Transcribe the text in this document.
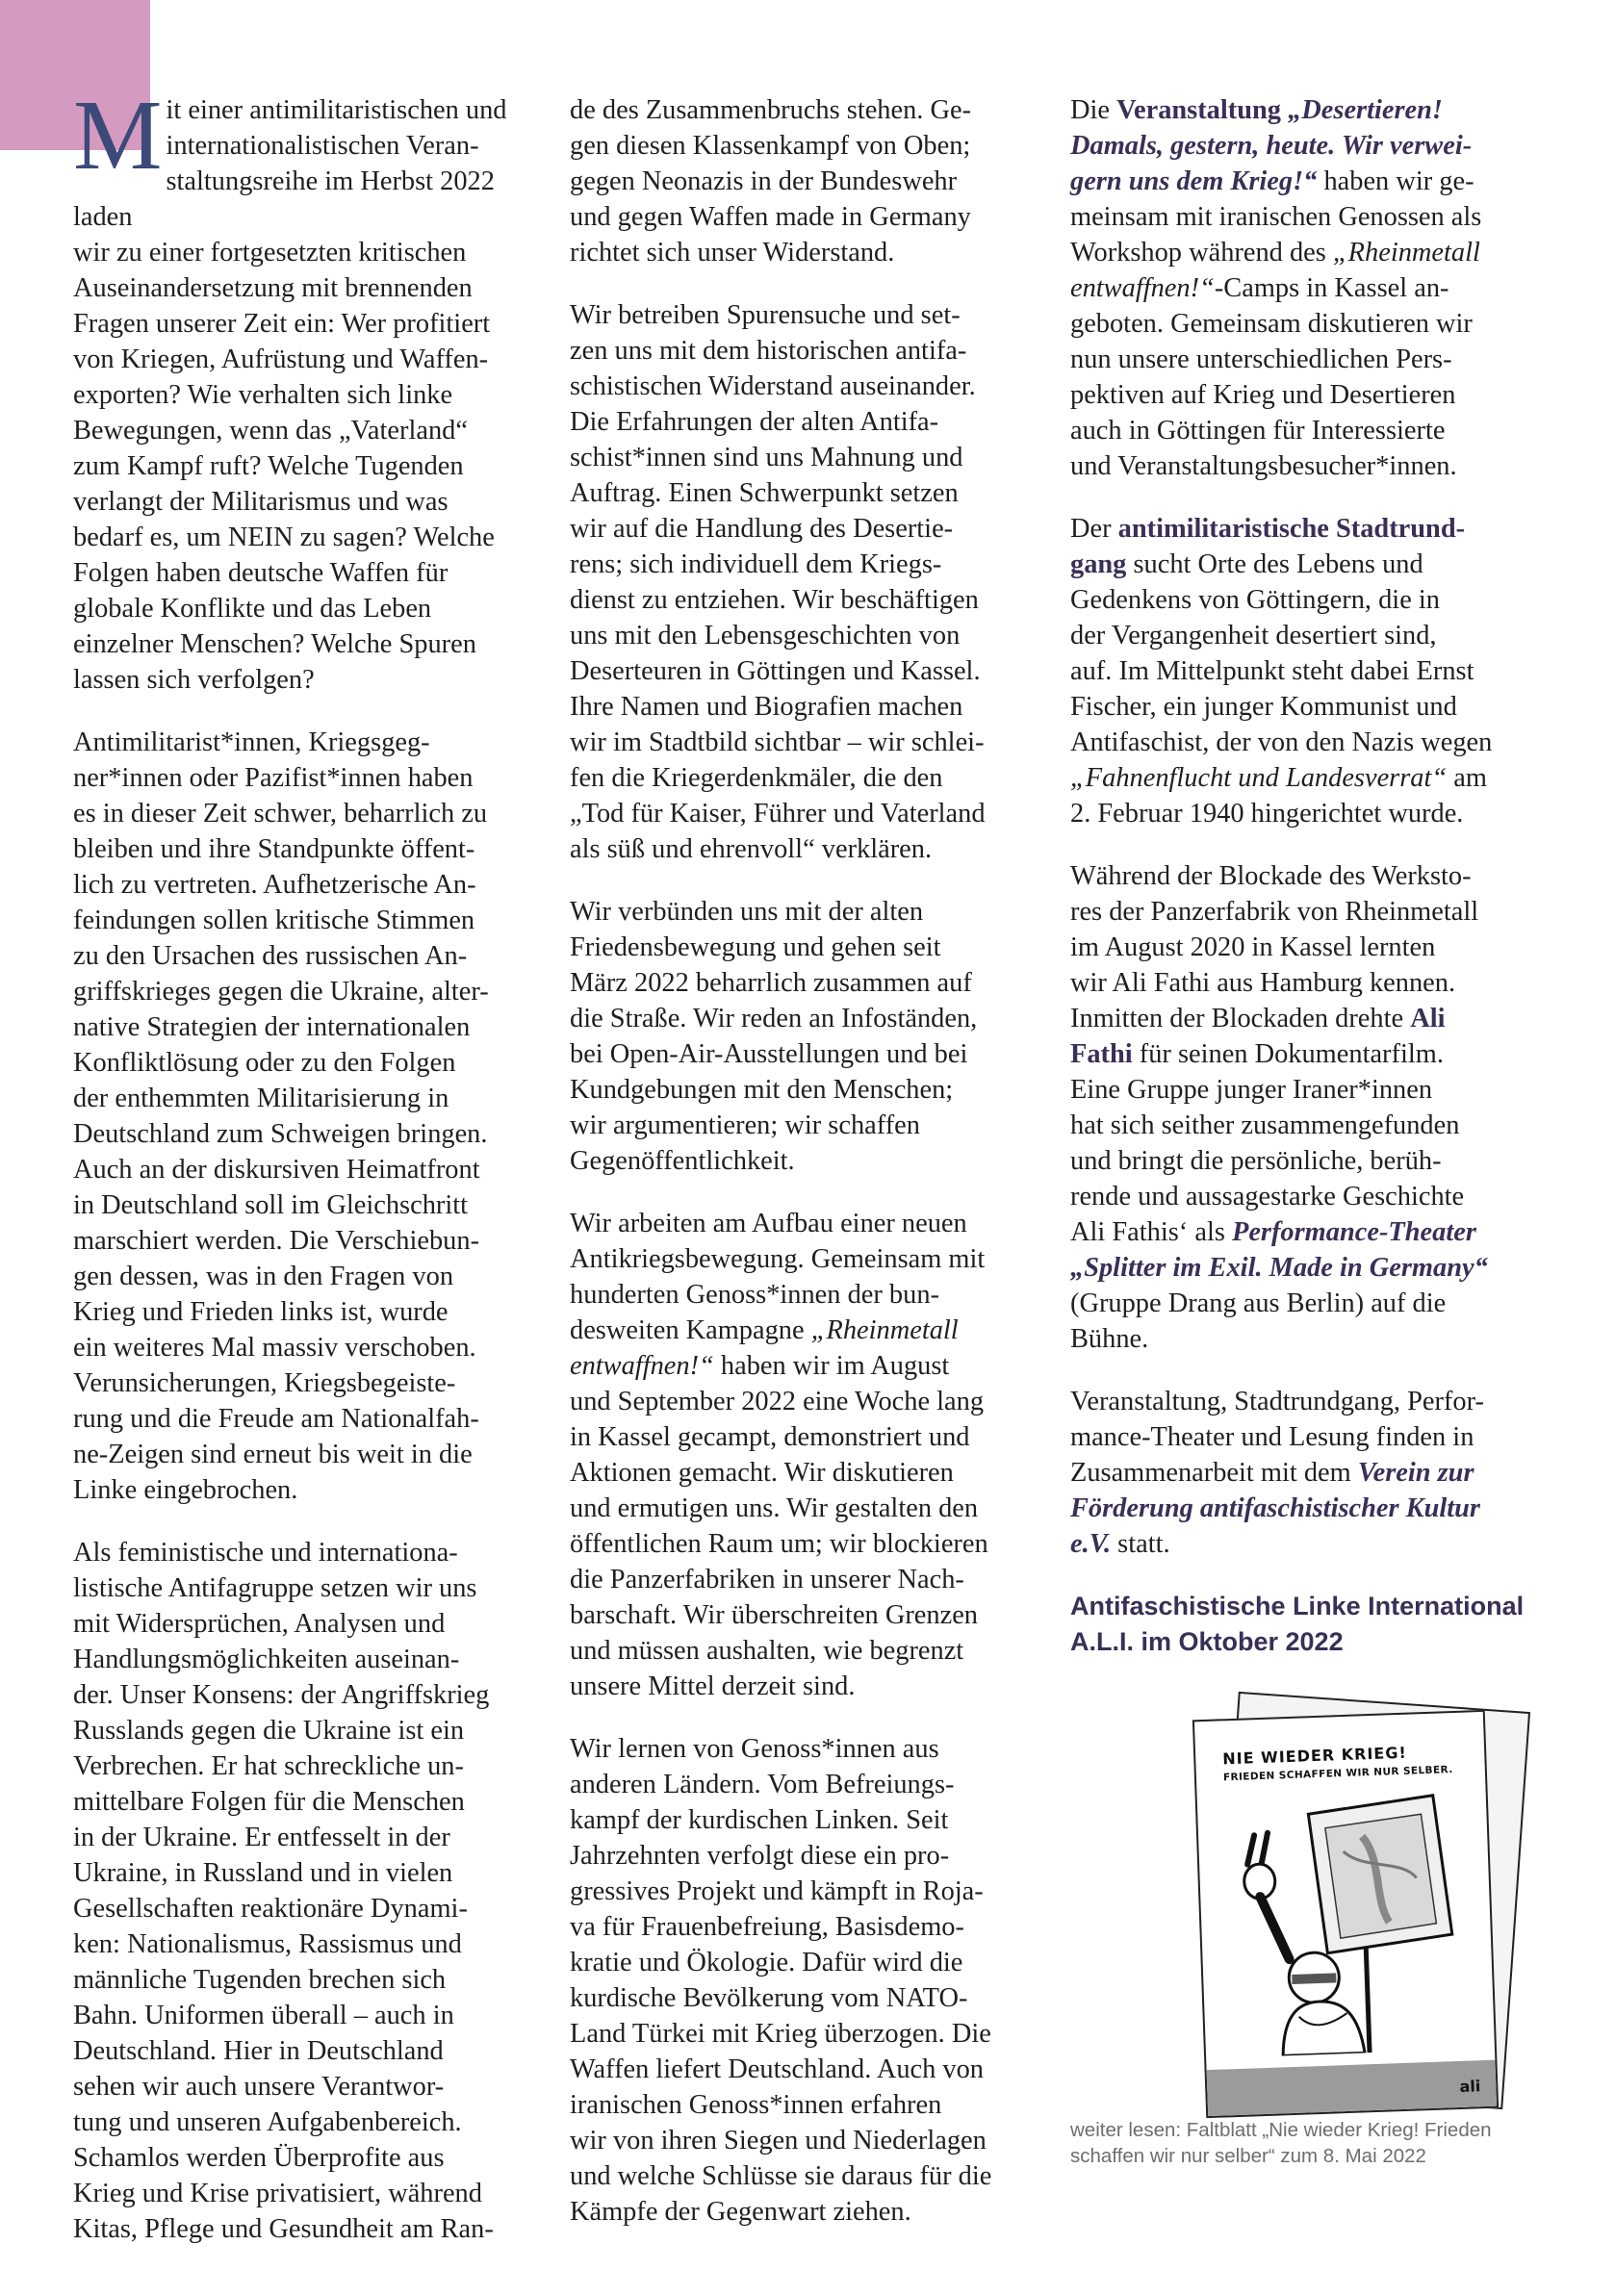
Mit einer antimilitaristischen und
internationalistischen Veran-
staltungsreihe im Herbst 2022 laden
wir zu einer fortgesetzten kritischen
Auseinandersetzung mit brennenden
Fragen unserer Zeit ein: Wer profitiert
von Kriegen, Aufrüstung und Waffen-
exporten? Wie verhalten sich linke
Bewegungen, wenn das „Vaterland“
zum Kampf ruft? Welche Tugenden
verlangt der Militarismus und was
bedarf es, um NEIN zu sagen? Welche
Folgen haben deutsche Waffen für
globale Konflikte und das Leben
einzelner Menschen? Welche Spuren
lassen sich verfolgen?

Antimilitarist*innen, Kriegsgeg-
ner*innen oder Pazifist*innen haben
es in dieser Zeit schwer, beharrlich zu
bleiben und ihre Standpunkte öffent-
lich zu vertreten. Aufhetzerische An-
feindungen sollen kritische Stimmen
zu den Ursachen des russischen An-
griffskrieges gegen die Ukraine, alter-
native Strategien der internationalen
Konfliktlösung oder zu den Folgen
der enthemmten Militarisierung in
Deutschland zum Schweigen bringen.
Auch an der diskursiven Heimatfront
in Deutschland soll im Gleichschritt
marschiert werden. Die Verschiebun-
gen dessen, was in den Fragen von
Krieg und Frieden links ist, wurde
ein weiteres Mal massiv verschoben.
Verunsicherungen, Kriegsbegeiste-
rung und die Freude am Nationalfah-
ne-Zeigen sind erneut bis weit in die
Linke eingebrochen.

Als feministische und internationa-
listische Antifagruppe setzen wir uns
mit Widersprüchen, Analysen und
Handlungsmöglichkeiten auseinan-
der. Unser Konsens: der Angriffskrieg
Russlands gegen die Ukraine ist ein
Verbrechen. Er hat schreckliche un-
mittelbare Folgen für die Menschen
in der Ukraine. Er entfesselt in der
Ukraine, in Russland und in vielen
Gesellschaften reaktionäre Dynami-
ken: Nationalismus, Rassismus und
männliche Tugenden brechen sich
Bahn. Uniformen überall – auch in
Deutschland. Hier in Deutschland
sehen wir auch unsere Verantwor-
tung und unseren Aufgabenbereich.
Schamlos werden Überprofite aus
Krieg und Krise privatisiert, während
Kitas, Pflege und Gesundheit am Ran-

de des Zusammenbruchs stehen. Ge-
gen diesen Klassenkampf von Oben;
gegen Neonazis in der Bundeswehr
und gegen Waffen made in Germany
richtet sich unser Widerstand.

Wir betreiben Spurensuche und set-
zen uns mit dem historischen antifa-
schistischen Widerstand auseinander.
Die Erfahrungen der alten Antifa-
schist*innen sind uns Mahnung und
Auftrag. Einen Schwerpunkt setzen
wir auf die Handlung des Desertie-
rens; sich individuell dem Kriegs-
dienst zu entziehen. Wir beschäftigen
uns mit den Lebensgeschichten von
Deserteuren in Göttingen und Kassel.
Ihre Namen und Biografien machen
wir im Stadtbild sichtbar – wir schlei-
fen die Kriegerdenkmäler, die den
„Tod für Kaiser, Führer und Vaterland
als süß und ehrenvoll“ verklären.

Wir verbünden uns mit der alten
Friedensbewegung und gehen seit
März 2022 beharrlich zusammen auf
die Straße. Wir reden an Infoständen,
bei Open-Air-Ausstellungen und bei
Kundgebungen mit den Menschen;
wir argumentieren; wir schaffen
Gegenöffentlichkeit.

Wir arbeiten am Aufbau einer neuen
Antikriegsbewegung. Gemeinsam mit
hunderten Genoss*innen der bun-
desweiten Kampagne „Rheinmetall
entwaffnen!“ haben wir im August
und September 2022 eine Woche lang
in Kassel gecampt, demonstriert und
Aktionen gemacht. Wir diskutieren
und ermutigen uns. Wir gestalten den
öffentlichen Raum um; wir blockieren
die Panzerfabriken in unserer Nach-
barschaft. Wir überschreiten Grenzen
und müssen aushalten, wie begrenzt
unsere Mittel derzeit sind.

Wir lernen von Genoss*innen aus
anderen Ländern. Vom Befreiungs-
kampf der kurdischen Linken. Seit
Jahrzehnten verfolgt diese ein pro-
gressives Projekt und kämpft in Roja-
va für Frauenbefreiung, Basisdemo-
kratie und Ökologie. Dafür wird die
kurdische Bevölkerung vom NATO-
Land Türkei mit Krieg überzogen. Die
Waffen liefert Deutschland. Auch von
iranischen Genoss*innen erfahren
wir von ihren Siegen und Niederlagen
und welche Schlüsse sie daraus für die
Kämpfe der Gegenwart ziehen.

Die Veranstaltung „Desertieren!
Damals, gestern, heute. Wir verwei-
gern uns dem Krieg!“ haben wir ge-
meinsam mit iranischen Genossen als
Workshop während des „Rheinmetall
entwaffnen!“-Camps in Kassel an-
geboten. Gemeinsam diskutieren wir
nun unsere unterschiedlichen Pers-
pektiven auf Krieg und Desertieren
auch in Göttingen für Interessierte
und Veranstaltungsbesucher*innen.

Der antimilitaristische Stadtrund-
gang sucht Orte des Lebens und
Gedenkens von Göttingern, die in
der Vergangenheit desertiert sind,
auf. Im Mittelpunkt steht dabei Ernst
Fischer, ein junger Kommunist und
Antifaschist, der von den Nazis wegen
„Fahnenflucht und Landesverrat“ am
2. Februar 1940 hingerichtet wurde.

Während der Blockade des Werksto-
res der Panzerfabrik von Rheinmetall
im August 2020 in Kassel lernten
wir Ali Fathi aus Hamburg kennen.
Inmitten der Blockaden drehte Ali
Fathi für seinen Dokumentarfilm.
Eine Gruppe junger Iraner*innen
hat sich seither zusammengefunden
und bringt die persönliche, berüh-
rende und aussagestarke Geschichte
Ali Fathis‘ als Performance-Theater
„Splitter im Exil. Made in Germany“
(Gruppe Drang aus Berlin) auf die
Bühne.

Veranstaltung, Stadtrundgang, Perfor-
mance-Theater und Lesung finden in
Zusammenarbeit mit dem Verein zur
Förderung antifaschistischer Kultur
e.V. statt.

Antifaschistische Linke International
A.L.I. im Oktober 2022
NIE WIEDER KRIEG!
FRIEDEN SCHAFFEN WIR NUR SELBER.
ali

weiter lesen: Faltblatt „Nie wieder Krieg! Frieden schaffen wir nur selber“ zum 8. Mai 2022
